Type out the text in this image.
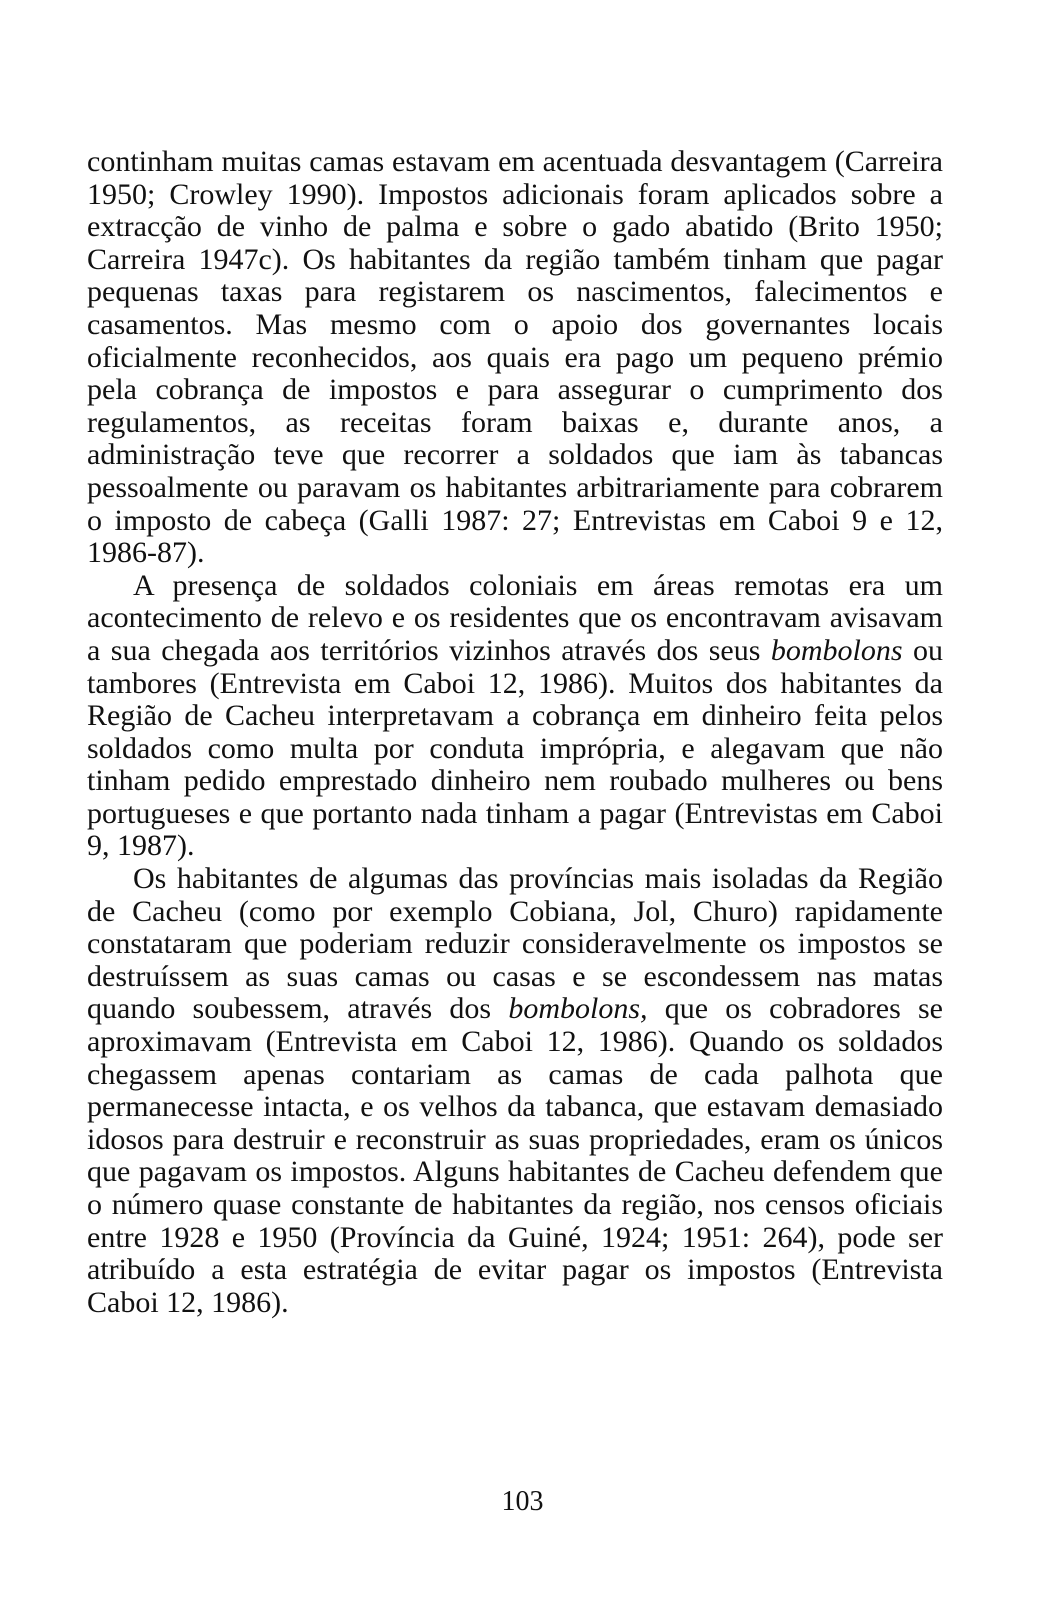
continham muitas camas estavam em acentuada desvantagem (Carreira 1950; Crowley 1990). Impostos adicionais foram aplicados sobre a extracção de vinho de palma e sobre o gado abatido (Brito 1950; Carreira 1947c). Os habitantes da região também tinham que pagar pequenas taxas para registarem os nascimentos, falecimentos e casamentos. Mas mesmo com o apoio dos governantes locais oficialmente reconhecidos, aos quais era pago um pequeno prémio pela cobrança de impostos e para assegurar o cumprimento dos regulamentos, as receitas foram baixas e, durante anos, a administração teve que recorrer a soldados que iam às tabancas pessoalmente ou paravam os habitantes arbitrariamente para cobrarem o imposto de cabeça (Galli 1987: 27; Entrevistas em Caboi 9 e 12, 1986-87).

A presença de soldados coloniais em áreas remotas era um acontecimento de relevo e os residentes que os encontravam avisavam a sua chegada aos territórios vizinhos através dos seus bombolons ou tambores (Entrevista em Caboi 12, 1986). Muitos dos habitantes da Região de Cacheu interpretavam a cobrança em dinheiro feita pelos soldados como multa por conduta imprópria, e alegavam que não tinham pedido emprestado dinheiro nem roubado mulheres ou bens portugueses e que portanto nada tinham a pagar (Entrevistas em Caboi 9, 1987).

Os habitantes de algumas das províncias mais isoladas da Região de Cacheu (como por exemplo Cobiana, Jol, Churo) rapidamente constataram que poderiam reduzir consideravelmente os impostos se destruíssem as suas camas ou casas e se escondessem nas matas quando soubessem, através dos bombolons, que os cobradores se aproximavam (Entrevista em Caboi 12, 1986). Quando os soldados chegassem apenas contariam as camas de cada palhota que permanecesse intacta, e os velhos da tabanca, que estavam demasiado idosos para destruir e reconstruir as suas propriedades, eram os únicos que pagavam os impostos. Alguns habitantes de Cacheu defendem que o número quase constante de habitantes da região, nos censos oficiais entre 1928 e 1950 (Província da Guiné, 1924; 1951: 264), pode ser atribuído a esta estratégia de evitar pagar os impostos (Entrevista Caboi 12, 1986).

103
